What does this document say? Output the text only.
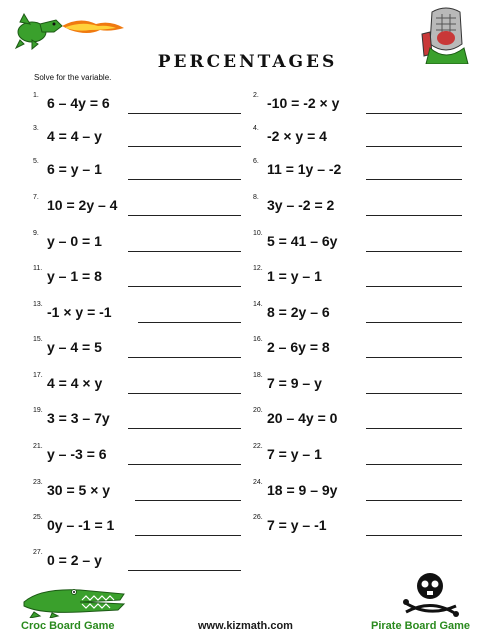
PERCENTAGES
Solve for the variable.
1. 6 – 4y = 6	2. -10 = -2 × y
3. 4 = 4 – y	4. -2 × y = 4
5. 6 = y – 1	6. 11 = 1y – -2
7. 10 = 2y – 4	8. 3y – -2 = 2
9. y – 0 = 1	10. 5 = 41 – 6y
11. y – 1 = 8	12. 1 = y – 1
13. -1 × y = -1	14. 8 = 2y – 6
15. y – 4 = 5	16. 2 – 6y = 8
17. 4 = 4 × y	18. 7 = 9 – y
19. 3 = 3 – 7y	20. 20 – 4y = 0
21. y – -3 = 6	22. 7 = y – 1
23. 30 = 5 × y	24. 18 = 9 – 9y
25. 0y – -1 = 1	26. 7 = y – -1
27. 0 = 2 – y
Croc Board Game	www.kizmath.com	Pirate Board Game
